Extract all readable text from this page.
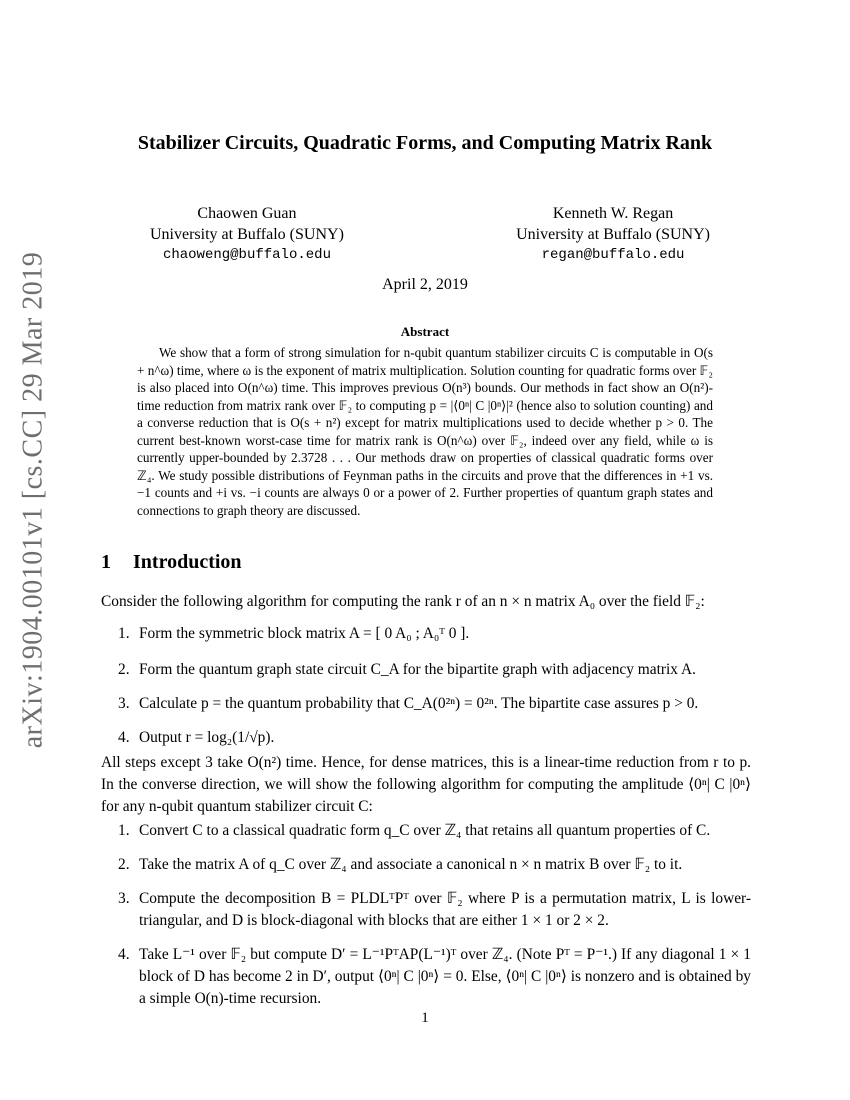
arXiv:1904.00101v1 [cs.CC] 29 Mar 2019
Stabilizer Circuits, Quadratic Forms, and Computing Matrix Rank
Chaowen Guan
University at Buffalo (SUNY)
chaoweng@buffalo.edu
Kenneth W. Regan
University at Buffalo (SUNY)
regan@buffalo.edu
April 2, 2019
Abstract
We show that a form of strong simulation for n-qubit quantum stabilizer circuits C is computable in O(s + n^ω) time, where ω is the exponent of matrix multiplication. Solution counting for quadratic forms over 𝔽₂ is also placed into O(n^ω) time. This improves previous O(n³) bounds. Our methods in fact show an O(n²)-time reduction from matrix rank over 𝔽₂ to computing p = |⟨0ⁿ| C |0ⁿ⟩|² (hence also to solution counting) and a converse reduction that is O(s + n²) except for matrix multiplications used to decide whether p > 0. The current best-known worst-case time for matrix rank is O(n^ω) over 𝔽₂, indeed over any field, while ω is currently upper-bounded by 2.3728 . . . Our methods draw on properties of classical quadratic forms over ℤ₄. We study possible distributions of Feynman paths in the circuits and prove that the differences in +1 vs. −1 counts and +i vs. −i counts are always 0 or a power of 2. Further properties of quantum graph states and connections to graph theory are discussed.
1 Introduction
Consider the following algorithm for computing the rank r of an n × n matrix A₀ over the field 𝔽₂:
1. Form the symmetric block matrix A = [ 0 A₀ ; A₀ᵀ 0 ].
2. Form the quantum graph state circuit C_A for the bipartite graph with adjacency matrix A.
3. Calculate p = the quantum probability that C_A(0²ⁿ) = 0²ⁿ. The bipartite case assures p > 0.
4. Output r = log₂(1/√p).
All steps except 3 take O(n²) time. Hence, for dense matrices, this is a linear-time reduction from r to p. In the converse direction, we will show the following algorithm for computing the amplitude ⟨0ⁿ| C |0ⁿ⟩ for any n-qubit quantum stabilizer circuit C:
1. Convert C to a classical quadratic form q_C over ℤ₄ that retains all quantum properties of C.
2. Take the matrix A of q_C over ℤ₄ and associate a canonical n × n matrix B over 𝔽₂ to it.
3. Compute the decomposition B = PLDLᵀPᵀ over 𝔽₂ where P is a permutation matrix, L is lower-triangular, and D is block-diagonal with blocks that are either 1 × 1 or 2 × 2.
4. Take L⁻¹ over 𝔽₂ but compute D′ = L⁻¹PᵀAP(L⁻¹)ᵀ over ℤ₄. (Note Pᵀ = P⁻¹.) If any diagonal 1 × 1 block of D has become 2 in D′, output ⟨0ⁿ| C |0ⁿ⟩ = 0. Else, ⟨0ⁿ| C |0ⁿ⟩ is nonzero and is obtained by a simple O(n)-time recursion.
1
